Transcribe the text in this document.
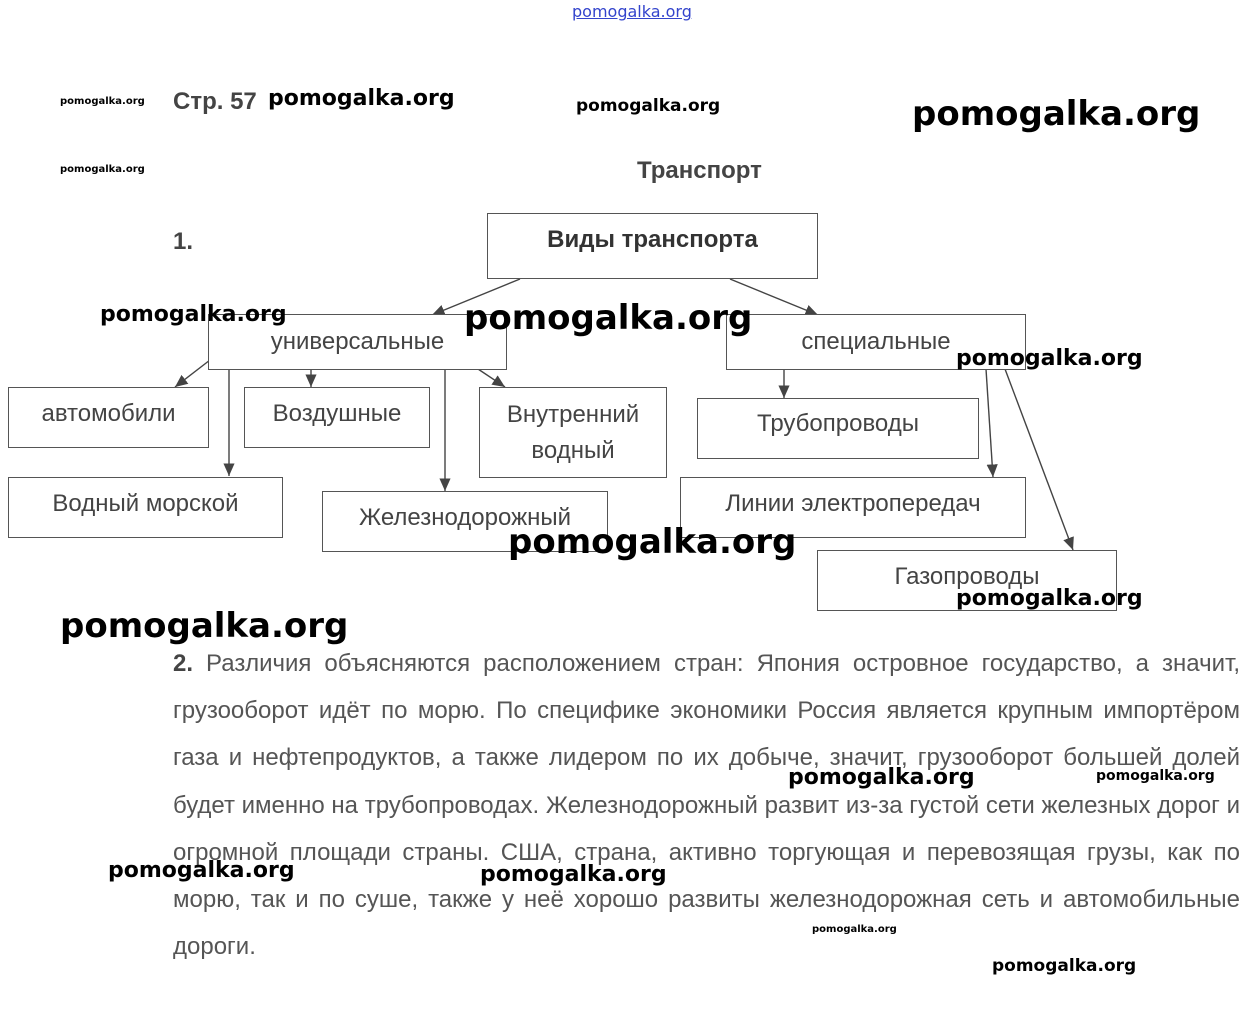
pomogalka.org
pomogalka.org Стр. 57 pomogalka.org	pomogalka.org	pomogalka.org
pomogalka.org	Транспорт
1.	Виды транспорта
универсальные	специальные
автомобили	Воздушные	Внутренний водный
Водный морской
Железнодорожный
Трубопроводы
Линии электропередач
Газопроводы
pomogalka.org	pomogalka.org
pomogalka.org
pomogalka.org
pomogalka.org
pomogalka.org
2. Различия объясняются расположением стран: Япония островное государство, а значит, грузооборот идёт по морю. По специфике экономики Россия является крупным импортёром газа и нефтепродуктов, а также лидером по их добыче, значит, грузооборот большей долей будет именно на трубопроводах. Железнодорожный развит из-за густой сети железных дорог и огромной площади страны. США, страна, активно торгующая и перевозящая грузы, как по морю, так и по суше, также у неё хорошо развиты железнодорожная сеть и автомобильные дороги.
pomogalka.org	pomogalka.org
pomogalka.org	pomogalka.org
pomogalka.org
pomogalka.org
